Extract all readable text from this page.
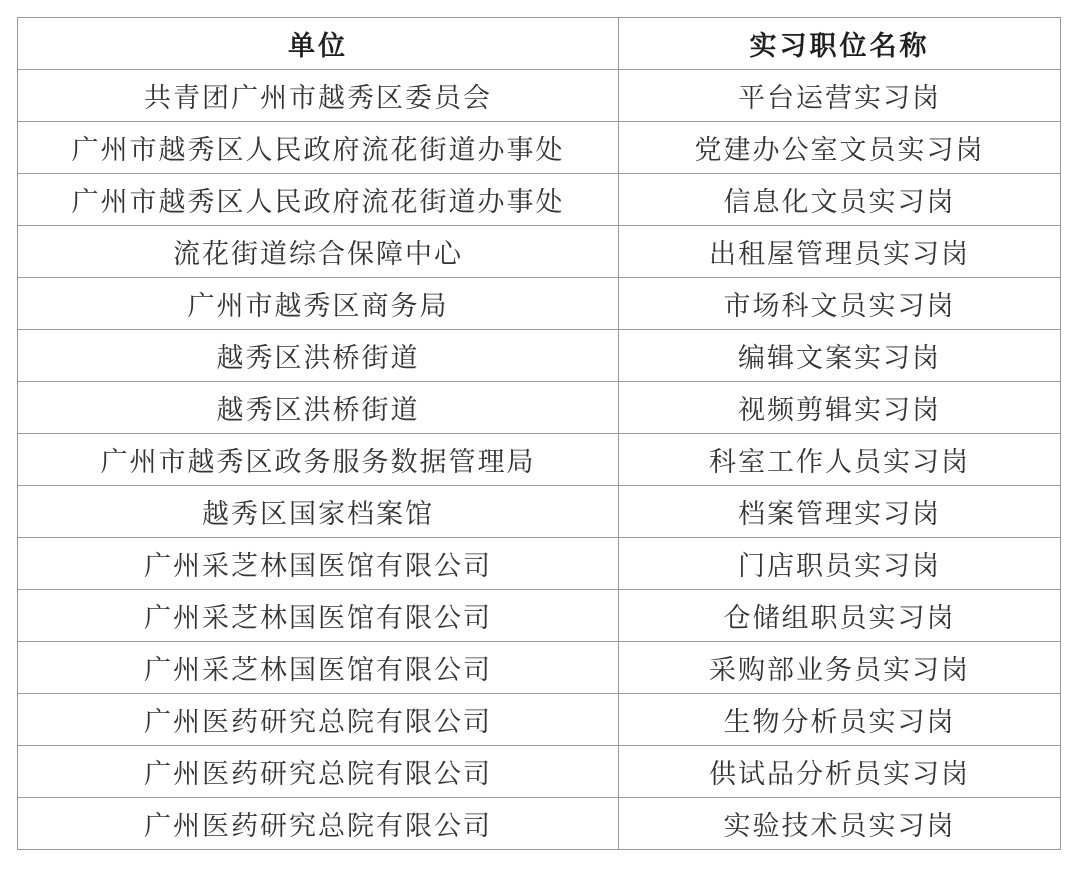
单位	实习职位名称
共青团广州市越秀区委员会	平台运营实习岗
广州市越秀区人民政府流花街道办事处	党建办公室文员实习岗
广州市越秀区人民政府流花街道办事处	信息化文员实习岗
流花街道综合保障中心	出租屋管理员实习岗
广州市越秀区商务局	市场科文员实习岗
越秀区洪桥街道	编辑文案实习岗
越秀区洪桥街道	视频剪辑实习岗
广州市越秀区政务服务数据管理局	科室工作人员实习岗
越秀区国家档案馆	档案管理实习岗
广州采芝林国医馆有限公司	门店职员实习岗
广州采芝林国医馆有限公司	仓储组职员实习岗
广州采芝林国医馆有限公司	采购部业务员实习岗
广州医药研究总院有限公司	生物分析员实习岗
广州医药研究总院有限公司	供试品分析员实习岗
广州医药研究总院有限公司	实验技术员实习岗
